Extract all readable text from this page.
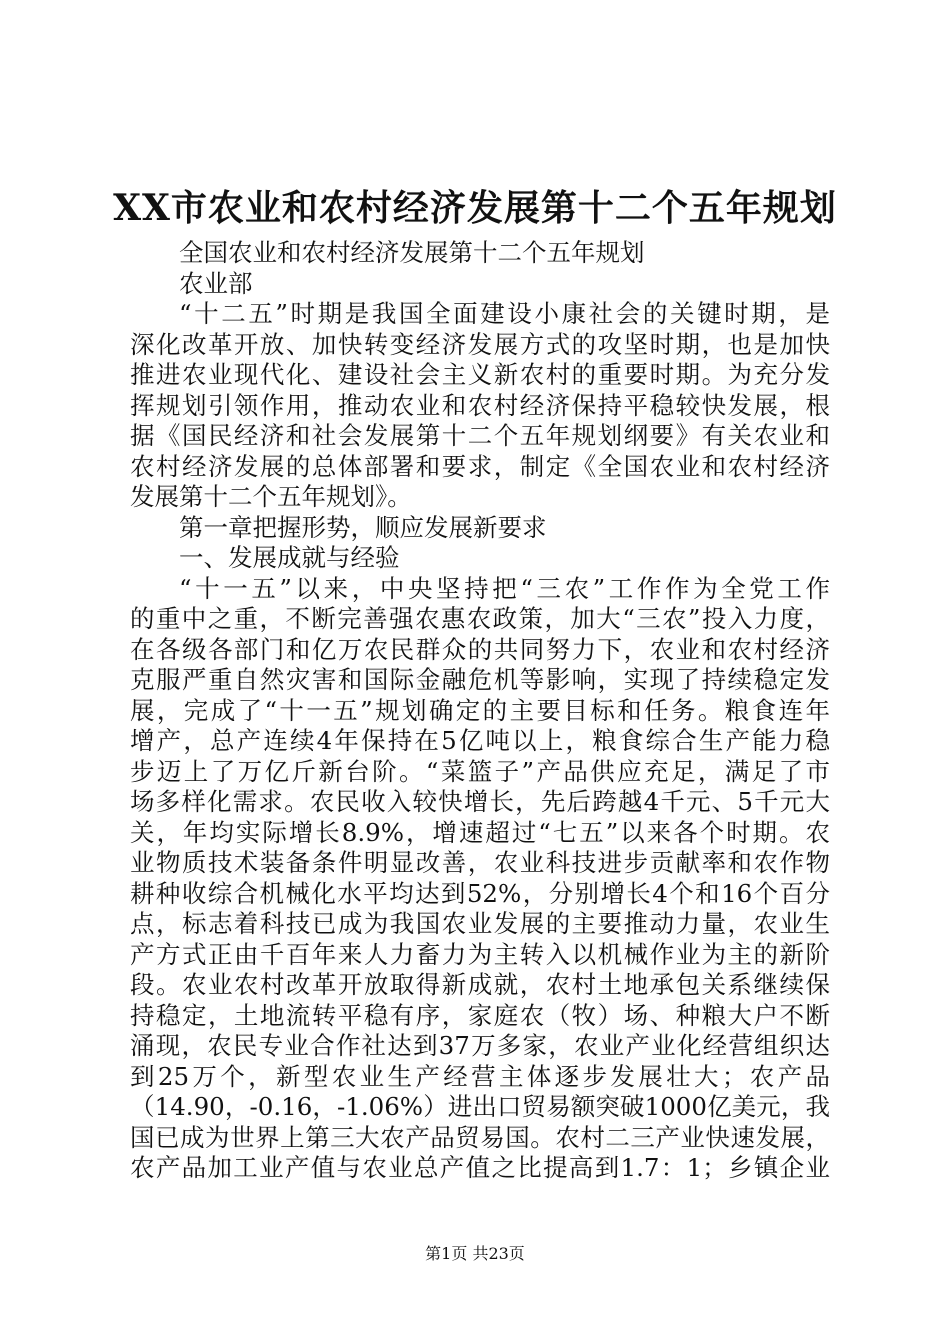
XX市农业和农村经济发展第十二个五年规划
全国农业和农村经济发展第十二个五年规划
农业部
“十二五”时期是我国全面建设小康社会的关键时期，是
深化改革开放、加快转变经济发展方式的攻坚时期，也是加快
推进农业现代化、建设社会主义新农村的重要时期。为充分发
挥规划引领作用，推动农业和农村经济保持平稳较快发展，根
据《国民经济和社会发展第十二个五年规划纲要》有关农业和
农村经济发展的总体部署和要求，制定《全国农业和农村经济
发展第十二个五年规划》。
第一章把握形势，顺应发展新要求
一、发展成就与经验
“十一五”以来，中央坚持把“三农”工作作为全党工作
的重中之重，不断完善强农惠农政策，加大“三农”投入力度，
在各级各部门和亿万农民群众的共同努力下，农业和农村经济
克服严重自然灾害和国际金融危机等影响，实现了持续稳定发
展，完成了“十一五”规划确定的主要目标和任务。粮食连年
增产，总产连续4年保持在5亿吨以上，粮食综合生产能力稳
步迈上了万亿斤新台阶。“菜篮子”产品供应充足，满足了市
场多样化需求。农民收入较快增长，先后跨越4千元、5千元大
关，年均实际增长8.9%，增速超过“七五”以来各个时期。农
业物质技术装备条件明显改善，农业科技进步贡献率和农作物
耕种收综合机械化水平均达到52%，分别增长4个和16个百分
点，标志着科技已成为我国农业发展的主要推动力量，农业生
产方式正由千百年来人力畜力为主转入以机械作业为主的新阶
段。农业农村改革开放取得新成就，农村土地承包关系继续保
持稳定，土地流转平稳有序，家庭农（牧）场、种粮大户不断
涌现，农民专业合作社达到37万多家，农业产业化经营组织达
到25万个，新型农业生产经营主体逐步发展壮大；农产品
（14.90，-0.16，-1.06%）进出口贸易额突破1000亿美元，我
国已成为世界上第三大农产品贸易国。农村二三产业快速发展，
农产品加工业产值与农业总产值之比提高到1.7：1；乡镇企业
第1页 共23页
